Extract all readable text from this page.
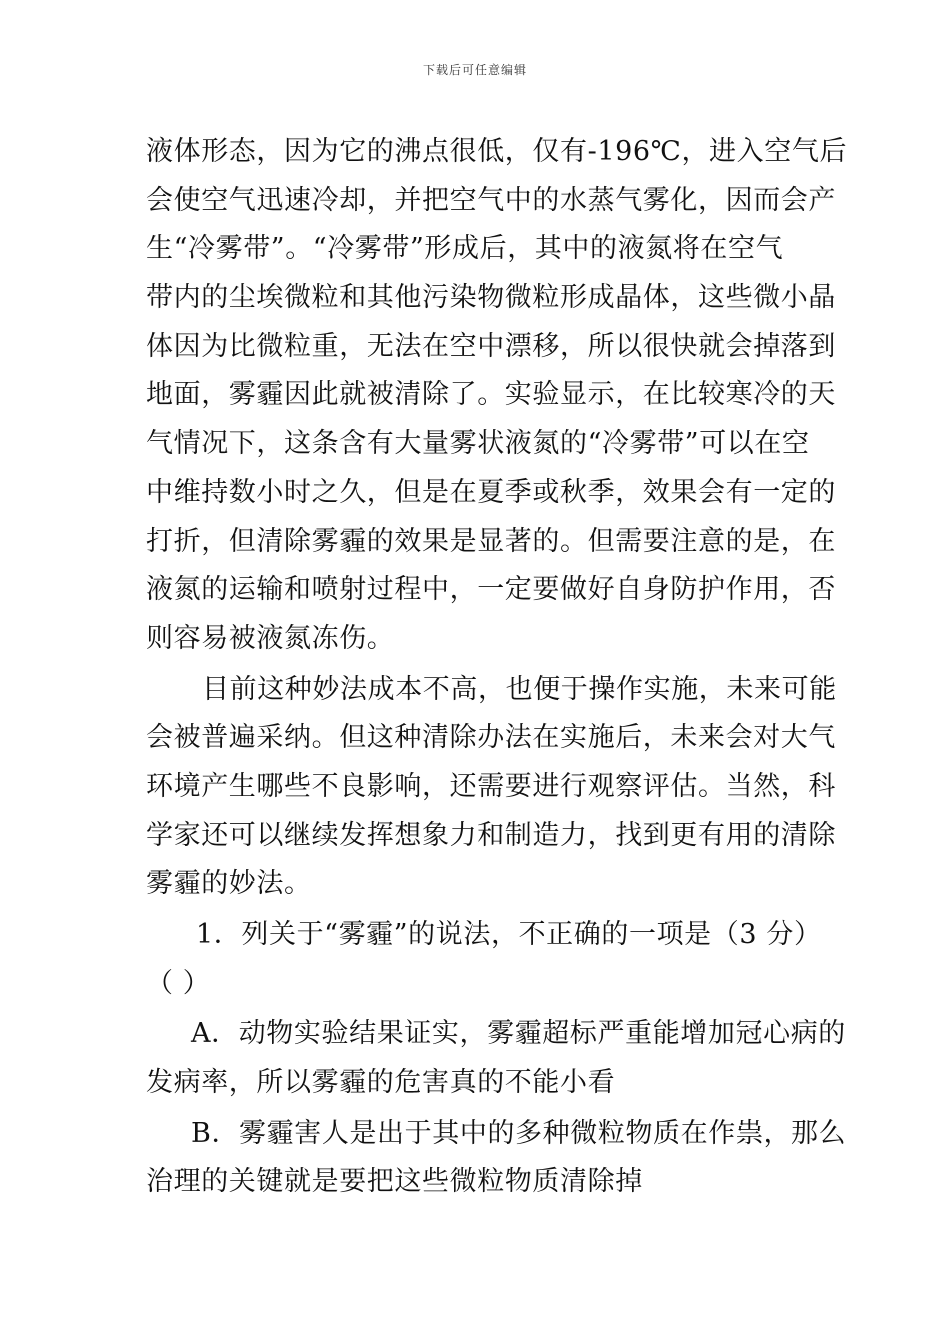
下载后可任意编辑
液体形态，因为它的沸点很低，仅有-196℃，进入空气后
会使空气迅速冷却，并把空气中的水蒸气雾化，因而会产
生“冷雾带”。“冷雾带”形成后，其中的液氮将在空气
带内的尘埃微粒和其他污染物微粒形成晶体，这些微小晶
体因为比微粒重，无法在空中漂移，所以很快就会掉落到
地面，雾霾因此就被清除了。实验显示，在比较寒冷的天
气情况下，这条含有大量雾状液氮的“冷雾带”可以在空
中维持数小时之久，但是在夏季或秋季，效果会有一定的
打折，但清除雾霾的效果是显著的。但需要注意的是，在
液氮的运输和喷射过程中，一定要做好自身防护作用，否
则容易被液氮冻伤。
目前这种妙法成本不高，也便于操作实施，未来可能
会被普遍采纳。但这种清除办法在实施后，未来会对大气
环境产生哪些不良影响，还需要进行观察评估。当然，科
学家还可以继续发挥想象力和制造力，找到更有用的清除
雾霾的妙法。
1．列关于“雾霾”的说法，不正确的一项是（3 分）
（ ）
A．动物实验结果证实，雾霾超标严重能增加冠心病的
发病率，所以雾霾的危害真的不能小看
B．雾霾害人是出于其中的多种微粒物质在作祟，那么
治理的关键就是要把这些微粒物质清除掉
